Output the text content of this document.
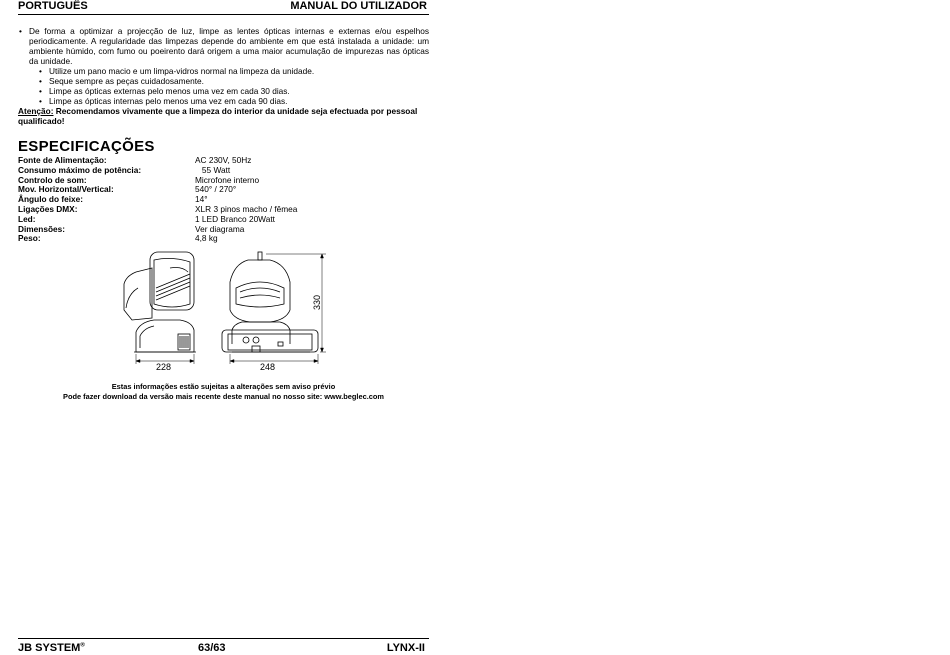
PORTUGUÊS	MANUAL DO UTILIZADOR
• De forma a optimizar a projecção de luz, limpe as lentes ópticas internas e externas e/ou espelhos periodicamente. A regularidade das limpezas depende do ambiente em que está instalada a unidade: um ambiente húmido, com fumo ou poeirento dará origem a uma maior acumulação de impurezas nas ópticas da unidade.
• Utilize um pano macio e um limpa-vidros normal na limpeza da unidade.
• Seque sempre as peças cuidadosamente.
• Limpe as ópticas externas pelo menos uma vez em cada 30 dias.
• Limpe as ópticas internas pelo menos uma vez em cada 90 dias.
Atenção: Recomendamos vivamente que a limpeza do interior da unidade seja efectuada por pessoal qualificado!
ESPECIFICAÇÕES
Fonte de Alimentação:	AC 230V, 50Hz
Consumo máximo de potência:	55 Watt
Controlo de som:	Microfone interno
Mov. Horizontal/Vertical:	540° / 270°
Ângulo do feixe:	14°
Ligações DMX:	XLR 3 pinos macho / fêmea
Led:	1 LED Branco 20Watt
Dimensões:	Ver diagrama
Peso:	4,8 kg
228	248
330
Estas informações estão sujeitas a alterações sem aviso prévio
Pode fazer download da versão mais recente deste manual no nosso site: www.beglec.com
JB SYSTEM®	63/63	LYNX-II
